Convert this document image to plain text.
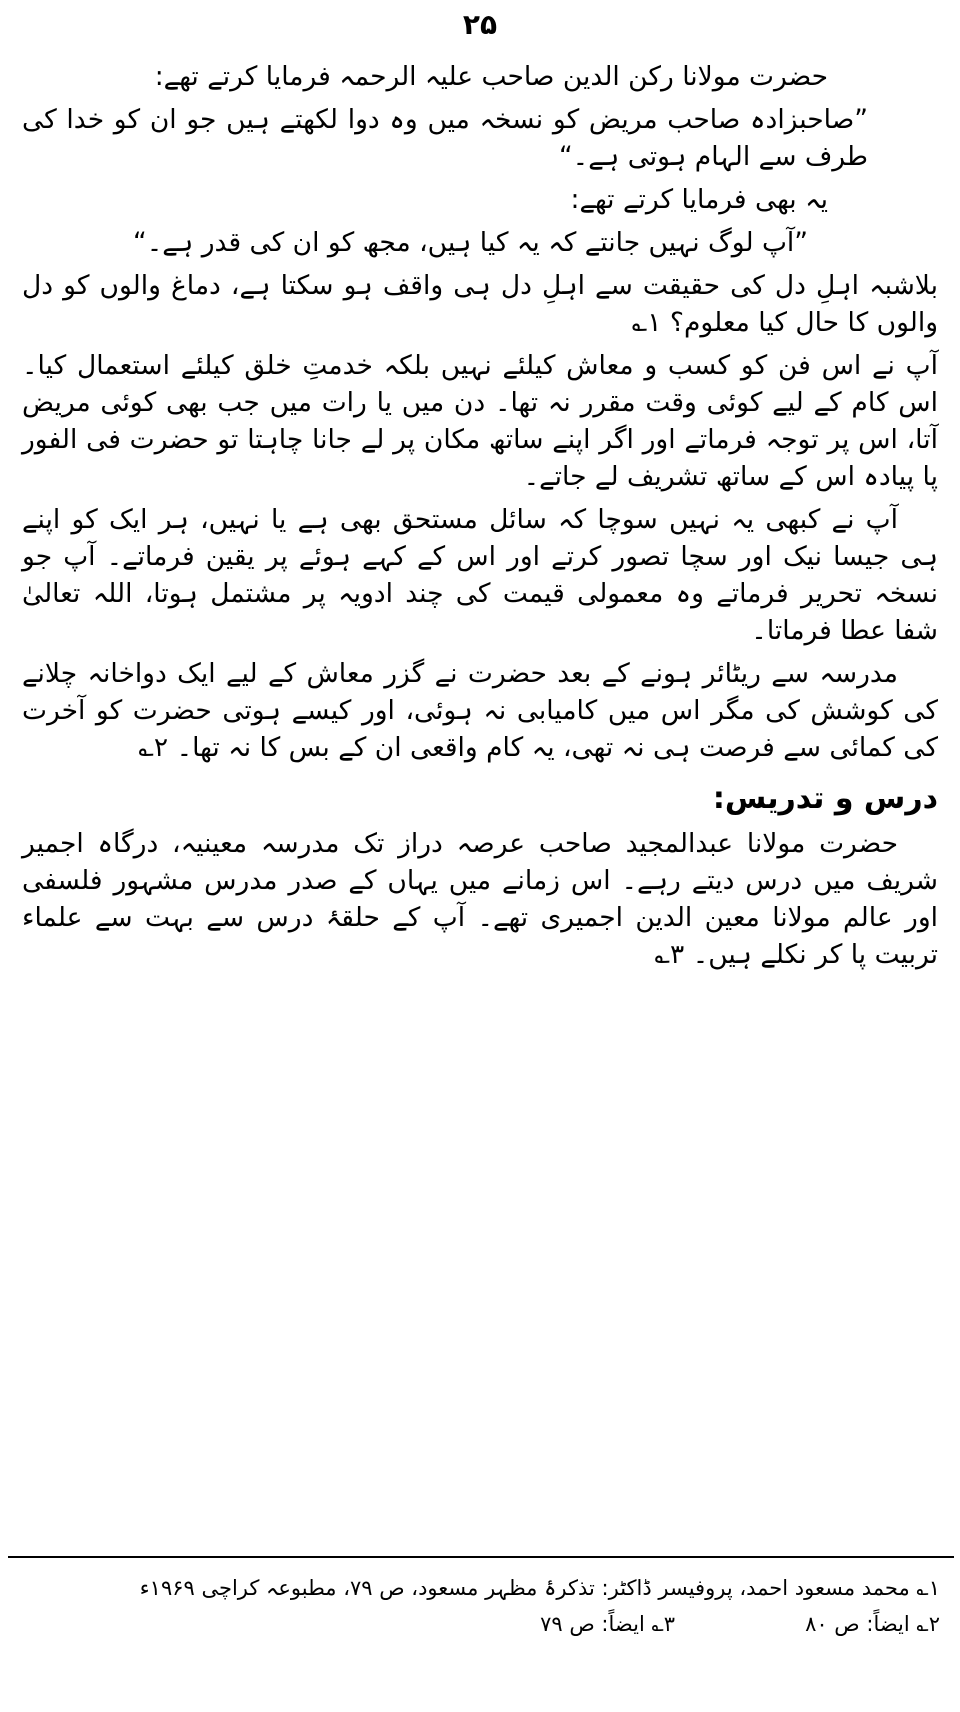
۲۵

حضرت مولانا رکن الدین صاحب علیہ الرحمہ فرمایا کرتے تھے:

”صاحبزادہ صاحب مریض کو نسخہ میں وہ دوا لکھتے ہیں جو ان کو خدا کی طرف سے الہام ہوتی ہے۔“

یہ بھی فرمایا کرتے تھے:

”آپ لوگ نہیں جانتے کہ یہ کیا ہیں، مجھ کو ان کی قدر ہے۔“

بلاشبہ اہلِ دل کی حقیقت سے اہلِ دل ہی واقف ہو سکتا ہے، دماغ والوں کو دل والوں کا حال کیا معلوم؟ ۱؎

آپ نے اس فن کو کسب و معاش کیلئے نہیں بلکہ خدمتِ خلق کیلئے استعمال کیا۔ اس کام کے لیے کوئی وقت مقرر نہ تھا۔ دن میں یا رات میں جب بھی کوئی مریض آتا، اس پر توجہ فرماتے اور اگر اپنے ساتھ مکان پر لے جانا چاہتا تو حضرت فی الفور پا پیادہ اس کے ساتھ تشریف لے جاتے۔

آپ نے کبھی یہ نہیں سوچا کہ سائل مستحق بھی ہے یا نہیں، ہر ایک کو اپنے ہی جیسا نیک اور سچا تصور کرتے اور اس کے کہے ہوئے پر یقین فرماتے۔ آپ جو نسخہ تحریر فرماتے وہ معمولی قیمت کی چند ادویہ پر مشتمل ہوتا، اللہ تعالیٰ شفا عطا فرماتا۔

مدرسہ سے ریٹائر ہونے کے بعد حضرت نے گزر معاش کے لیے ایک دواخانہ چلانے کی کوشش کی مگر اس میں کامیابی نہ ہوئی، اور کیسے ہوتی حضرت کو آخرت کی کمائی سے فرصت ہی نہ تھی، یہ کام واقعی ان کے بس کا نہ تھا۔ ۲؎

درس و تدریس:

حضرت مولانا عبدالمجید صاحب عرصہ دراز تک مدرسہ معینیہ، درگاہ اجمیر شریف میں درس دیتے رہے۔ اس زمانے میں یہاں کے صدر مدرس مشہور فلسفی اور عالم مولانا معین الدین اجمیری تھے۔ آپ کے حلقۂ درس سے بہت سے علماء تربیت پا کر نکلے ہیں۔ ۳؎

۱؎ محمد مسعود احمد، پروفیسر ڈاکٹر: تذکرۂ مظہر مسعود، ص ۷۹، مطبوعہ کراچی ۱۹۶۹ء
۲؎ ایضاً: ص ۸۰
۳؎ ایضاً: ص ۷۹
